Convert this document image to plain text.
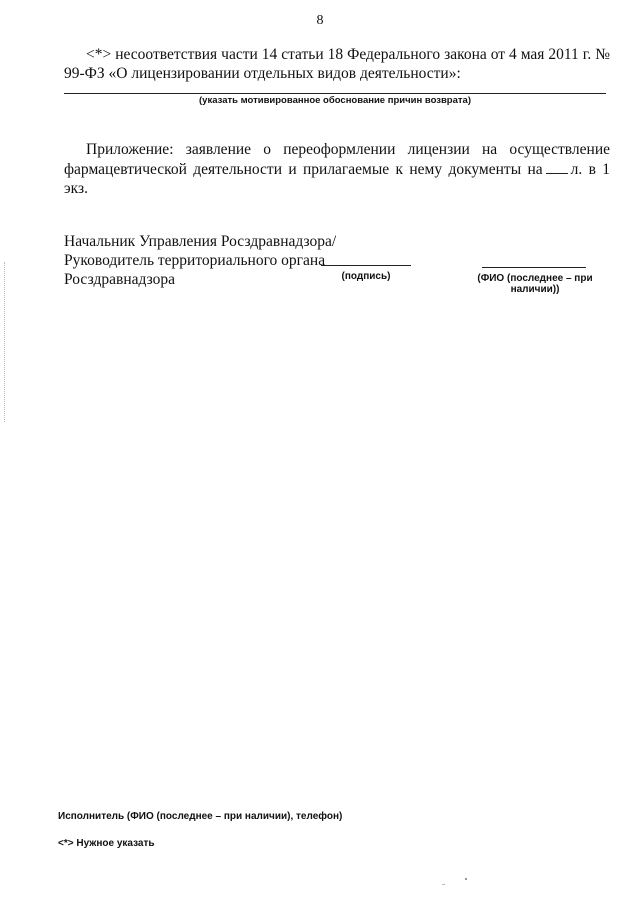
8
<*> несоответствия части 14 статьи 18 Федерального закона от 4 мая 2011 г. № 99-ФЗ «О лицензировании отдельных видов деятельности»:
(указать мотивированное обоснование причин возврата)
Приложение: заявление о переоформлении лицензии на осуществление фармацевтической деятельности и прилагаемые к нему документы на л. в 1 экз.
Начальник Управления Росздравнадзора/
Руководитель территориального органа
Росздравнадзора	(подпись)	(ФИО (последнее – при наличии))
Исполнитель (ФИО (последнее – при наличии), телефон)
<*> Нужное указать
